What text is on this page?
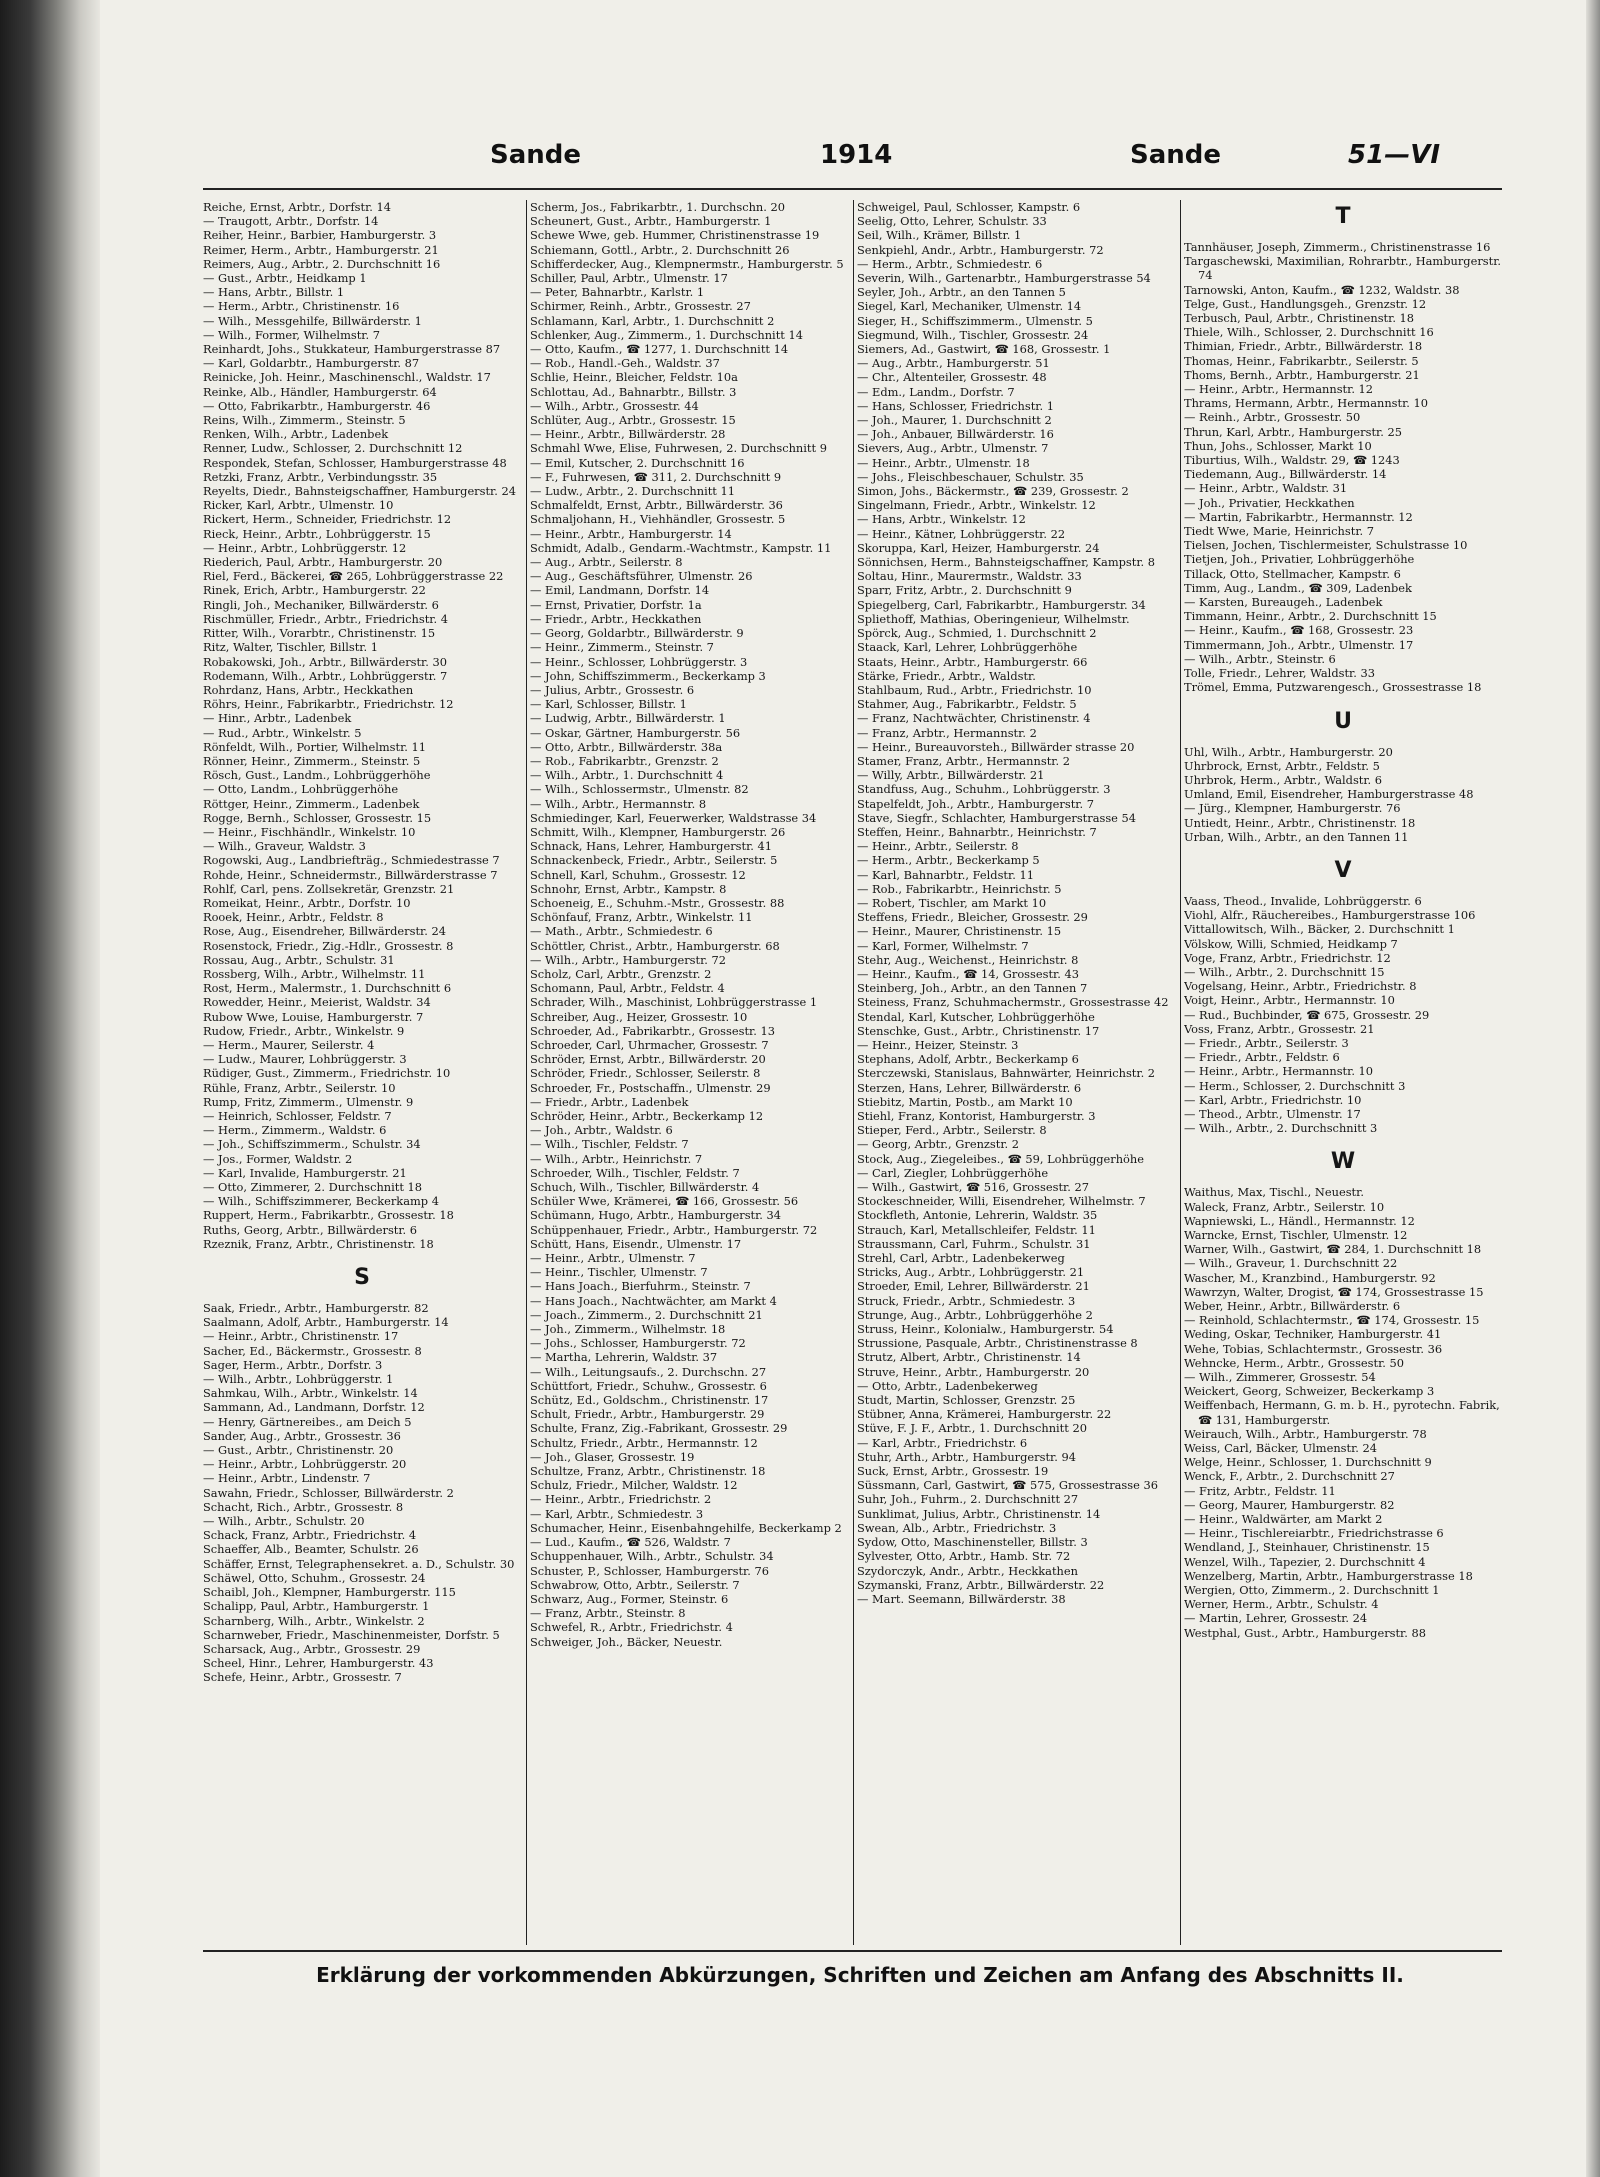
Sande	1914	Sande	51—VI
Reiche, Ernst, Arbtr., Dorfstr. 14
— Traugott, Arbtr., Dorfstr. 14
Reiher, Heinr., Barbier, Hamburgerstr. 3
Reimer, Herm., Arbtr., Hamburgerstr. 21
Reimers, Aug., Arbtr., 2. Durchschnitt 16
— Gust., Arbtr., Heidkamp 1
— Hans, Arbtr., Billstr. 1
— Herm., Arbtr., Christinenstr. 16
— Wilh., Messgehilfe, Billwärderstr. 1
— Wilh., Former, Wilhelmstr. 7
Reinhardt, Johs., Stukkateur, Hamburgerstrasse 87
— Karl, Goldarbtr., Hamburgerstr. 87
Reinicke, Joh. Heinr., Maschinenschl., Waldstr. 17
Reinke, Alb., Händler, Hamburgerstr. 64
— Otto, Fabrikarbtr., Hamburgerstr. 46
Reins, Wilh., Zimmerm., Steinstr. 5
Renken, Wilh., Arbtr., Ladenbek
Renner, Ludw., Schlosser, 2. Durchschnitt 12
Respondek, Stefan, Schlosser, Hamburgerstrasse 48
Retzki, Franz, Arbtr., Verbindungsstr. 35
Reyelts, Diedr., Bahnsteigschaffner, Hamburgerstr. 24
Ricker, Karl, Arbtr., Ulmenstr. 10
Rickert, Herm., Schneider, Friedrichstr. 12
Rieck, Heinr., Arbtr., Lohbrüggerstr. 15
— Heinr., Arbtr., Lohbrüggerstr. 12
Riederich, Paul, Arbtr., Hamburgerstr. 20
Riel, Ferd., Bäckerei, ☎ 265, Lohbrüggerstrasse 22
Rinek, Erich, Arbtr., Hamburgerstr. 22
Ringli, Joh., Mechaniker, Billwärderstr. 6
Rischmüller, Friedr., Arbtr., Friedrichstr. 4
Ritter, Wilh., Vorarbtr., Christinenstr. 15
Ritz, Walter, Tischler, Billstr. 1
Robakowski, Joh., Arbtr., Billwärderstr. 30
Rodemann, Wilh., Arbtr., Lohbrüggerstr. 7
Rohrdanz, Hans, Arbtr., Heckkathen
Röhrs, Heinr., Fabrikarbtr., Friedrichstr. 12
— Hinr., Arbtr., Ladenbek
— Rud., Arbtr., Winkelstr. 5
Rönfeldt, Wilh., Portier, Wilhelmstr. 11
Rönner, Heinr., Zimmerm., Steinstr. 5
Rösch, Gust., Landm., Lohbrüggerhöhe
— Otto, Landm., Lohbrüggerhöhe
Röttger, Heinr., Zimmerm., Ladenbek
Rogge, Bernh., Schlosser, Grossestr. 15
— Heinr., Fischhändlr., Winkelstr. 10
— Wilh., Graveur, Waldstr. 3
Rogowski, Aug., Landbriefträg., Schmiedestrasse 7
Rohde, Heinr., Schneidermstr., Billwärderstrasse 7
Rohlf, Carl, pens. Zollsekretär, Grenzstr. 21
Romeikat, Heinr., Arbtr., Dorfstr. 10
Rooek, Heinr., Arbtr., Feldstr. 8
Rose, Aug., Eisendreher, Billwärderstr. 24
Rosenstock, Friedr., Zig.-Hdlr., Grossestr. 8
Rossau, Aug., Arbtr., Schulstr. 31
Rossberg, Wilh., Arbtr., Wilhelmstr. 11
Rost, Herm., Malermstr., 1. Durchschnitt 6
Rowedder, Heinr., Meierist, Waldstr. 34
Rubow Wwe, Louise, Hamburgerstr. 7
Rudow, Friedr., Arbtr., Winkelstr. 9
— Herm., Maurer, Seilerstr. 4
— Ludw., Maurer, Lohbrüggerstr. 3
Rüdiger, Gust., Zimmerm., Friedrichstr. 10
Rühle, Franz, Arbtr., Seilerstr. 10
Rump, Fritz, Zimmerm., Ulmenstr. 9
— Heinrich, Schlosser, Feldstr. 7
— Herm., Zimmerm., Waldstr. 6
— Joh., Schiffszimmerm., Schulstr. 34
— Jos., Former, Waldstr. 2
— Karl, Invalide, Hamburgerstr. 21
— Otto, Zimmerer, 2. Durchschnitt 18
— Wilh., Schiffszimmerer, Beckerkamp 4
Ruppert, Herm., Fabrikarbtr., Grossestr. 18
Ruths, Georg, Arbtr., Billwärderstr. 6
Rzeznik, Franz, Arbtr., Christinenstr. 18
S
Saak, Friedr., Arbtr., Hamburgerstr. 82
Saalmann, Adolf, Arbtr., Hamburgerstr. 14
— Heinr., Arbtr., Christinenstr. 17
Sacher, Ed., Bäckermstr., Grossestr. 8
Sager, Herm., Arbtr., Dorfstr. 3
— Wilh., Arbtr., Lohbrüggerstr. 1
Sahmkau, Wilh., Arbtr., Winkelstr. 14
Sammann, Ad., Landmann, Dorfstr. 12
— Henry, Gärtnereibes., am Deich 5
Sander, Aug., Arbtr., Grossestr. 36
— Gust., Arbtr., Christinenstr. 20
— Heinr., Arbtr., Lohbrüggerstr. 20
— Heinr., Arbtr., Lindenstr. 7
Sawahn, Friedr., Schlosser, Billwärderstr. 2
Schacht, Rich., Arbtr., Grossestr. 8
— Wilh., Arbtr., Schulstr. 20
Schack, Franz, Arbtr., Friedrichstr. 4
Schaeffer, Alb., Beamter, Schulstr. 26
Schäffer, Ernst, Telegraphensekret. a. D., Schulstr. 30
Schäwel, Otto, Schuhm., Grossestr. 24
Schaibl, Joh., Klempner, Hamburgerstr. 115
Schalipp, Paul, Arbtr., Hamburgerstr. 1
Scharnberg, Wilh., Arbtr., Winkelstr. 2
Scharnweber, Friedr., Maschinenmeister, Dorfstr. 5
Scharsack, Aug., Arbtr., Grossestr. 29
Scheel, Hinr., Lehrer, Hamburgerstr. 43
Schefe, Heinr., Arbtr., Grossestr. 7
Scherm, Jos., Fabrikarbtr., 1. Durchschn. 20
Scheunert, Gust., Arbtr., Hamburgerstr. 1
Schewe Wwe, geb. Hummer, Christinenstrasse 19
Schiemann, Gottl., Arbtr., 2. Durchschnitt 26
Schifferdecker, Aug., Klempnermstr., Hamburgerstr. 5
Schiller, Paul, Arbtr., Ulmenstr. 17
— Peter, Bahnarbtr., Karlstr. 1
Schirmer, Reinh., Arbtr., Grossestr. 27
Schlamann, Karl, Arbtr., 1. Durchschnitt 2
Schlenker, Aug., Zimmerm., 1. Durchschnitt 14
— Otto, Kaufm., ☎ 1277, 1. Durchschnitt 14
— Rob., Handl.-Geh., Waldstr. 37
Schlie, Heinr., Bleicher, Feldstr. 10a
Schlottau, Ad., Bahnarbtr., Billstr. 3
— Wilh., Arbtr., Grossestr. 44
Schlüter, Aug., Arbtr., Grossestr. 15
— Heinr., Arbtr., Billwärderstr. 28
Schmahl Wwe, Elise, Fuhrwesen, 2. Durchschnitt 9
— Emil, Kutscher, 2. Durchschnitt 16
— F., Fuhrwesen, ☎ 311, 2. Durchschnitt 9
— Ludw., Arbtr., 2. Durchschnitt 11
Schmalfeldt, Ernst, Arbtr., Billwärderstr. 36
Schmaljohann, H., Viehhändler, Grossestr. 5
— Heinr., Arbtr., Hamburgerstr. 14
Schmidt, Adalb., Gendarm.-Wachtmstr., Kampstr. 11
— Aug., Arbtr., Seilerstr. 8
— Aug., Geschäftsführer, Ulmenstr. 26
— Emil, Landmann, Dorfstr. 14
— Ernst, Privatier, Dorfstr. 1a
— Friedr., Arbtr., Heckkathen
— Georg, Goldarbtr., Billwärderstr. 9
— Heinr., Zimmerm., Steinstr. 7
— Heinr., Schlosser, Lohbrüggerstr. 3
— John, Schiffszimmerm., Beckerkamp 3
— Julius, Arbtr., Grossestr. 6
— Karl, Schlosser, Billstr. 1
— Ludwig, Arbtr., Billwärderstr. 1
— Oskar, Gärtner, Hamburgerstr. 56
— Otto, Arbtr., Billwärderstr. 38a
— Rob., Fabrikarbtr., Grenzstr. 2
— Wilh., Arbtr., 1. Durchschnitt 4
— Wilh., Schlossermstr., Ulmenstr. 82
— Wilh., Arbtr., Hermannstr. 8
Schmiedinger, Karl, Feuerwerker, Waldstrasse 34
Schmitt, Wilh., Klempner, Hamburgerstr. 26
Schnack, Hans, Lehrer, Hamburgerstr. 41
Schnackenbeck, Friedr., Arbtr., Seilerstr. 5
Schnell, Karl, Schuhm., Grossestr. 12
Schnohr, Ernst, Arbtr., Kampstr. 8
Schoeneig, E., Schuhm.-Mstr., Grossestr. 88
Schönfauf, Franz, Arbtr., Winkelstr. 11
— Math., Arbtr., Schmiedestr. 6
Schöttler, Christ., Arbtr., Hamburgerstr. 68
— Wilh., Arbtr., Hamburgerstr. 72
Scholz, Carl, Arbtr., Grenzstr. 2
Schomann, Paul, Arbtr., Feldstr. 4
Schrader, Wilh., Maschinist, Lohbrüggerstrasse 1
Schreiber, Aug., Heizer, Grossestr. 10
Schroeder, Ad., Fabrikarbtr., Grossestr. 13
Schroeder, Carl, Uhrmacher, Grossestr. 7
Schröder, Ernst, Arbtr., Billwärderstr. 20
Schröder, Friedr., Schlosser, Seilerstr. 8
Schroeder, Fr., Postschaffn., Ulmenstr. 29
— Friedr., Arbtr., Ladenbek
Schröder, Heinr., Arbtr., Beckerkamp 12
— Joh., Arbtr., Waldstr. 6
— Wilh., Tischler, Feldstr. 7
— Wilh., Arbtr., Heinrichstr. 7
Schroeder, Wilh., Tischler, Feldstr. 7
Schuch, Wilh., Tischler, Billwärderstr. 4
Schüler Wwe, Krämerei, ☎ 166, Grossestr. 56
Schümann, Hugo, Arbtr., Hamburgerstr. 34
Schüppenhauer, Friedr., Arbtr., Hamburgerstr. 72
Schütt, Hans, Eisendr., Ulmenstr. 17
— Heinr., Arbtr., Ulmenstr. 7
— Heinr., Tischler, Ulmenstr. 7
— Hans Joach., Bierfuhrm., Steinstr. 7
— Hans Joach., Nachtwächter, am Markt 4
— Joach., Zimmerm., 2. Durchschnitt 21
— Joh., Zimmerm., Wilhelmstr. 18
— Johs., Schlosser, Hamburgerstr. 72
— Martha, Lehrerin, Waldstr. 37
— Wilh., Leitungsaufs., 2. Durchschn. 27
Schüttfort, Friedr., Schuhw., Grossestr. 6
Schütz, Ed., Goldschm., Christinenstr. 17
Schult, Friedr., Arbtr., Hamburgerstr. 29
Schulte, Franz, Zig.-Fabrikant, Grossestr. 29
Schultz, Friedr., Arbtr., Hermannstr. 12
— Joh., Glaser, Grossestr. 19
Schultze, Franz, Arbtr., Christinenstr. 18
Schulz, Friedr., Milcher, Waldstr. 12
— Heinr., Arbtr., Friedrichstr. 2
— Karl, Arbtr., Schmiedestr. 3
Schumacher, Heinr., Eisenbahngehilfe, Beckerkamp 2
— Lud., Kaufm., ☎ 526, Waldstr. 7
Schuppenhauer, Wilh., Arbtr., Schulstr. 34
Schuster, P., Schlosser, Hamburgerstr. 76
Schwabrow, Otto, Arbtr., Seilerstr. 7
Schwarz, Aug., Former, Steinstr. 6
— Franz, Arbtr., Steinstr. 8
Schwefel, R., Arbtr., Friedrichstr. 4
Schweiger, Joh., Bäcker, Neuestr.
Schweigel, Paul, Schlosser, Kampstr. 6
Seelig, Otto, Lehrer, Schulstr. 33
Seil, Wilh., Krämer, Billstr. 1
Senkpiehl, Andr., Arbtr., Hamburgerstr. 72
— Herm., Arbtr., Schmiedestr. 6
Severin, Wilh., Gartenarbtr., Hamburgerstrasse 54
Seyler, Joh., Arbtr., an den Tannen 5
Siegel, Karl, Mechaniker, Ulmenstr. 14
Sieger, H., Schiffszimmerm., Ulmenstr. 5
Siegmund, Wilh., Tischler, Grossestr. 24
Siemers, Ad., Gastwirt, ☎ 168, Grossestr. 1
— Aug., Arbtr., Hamburgerstr. 51
— Chr., Altenteiler, Grossestr. 48
— Edm., Landm., Dorfstr. 7
— Hans, Schlosser, Friedrichstr. 1
— Joh., Maurer, 1. Durchschnitt 2
— Joh., Anbauer, Billwärderstr. 16
Sievers, Aug., Arbtr., Ulmenstr. 7
— Heinr., Arbtr., Ulmenstr. 18
— Johs., Fleischbeschauer, Schulstr. 35
Simon, Johs., Bäckermstr., ☎ 239, Grossestr. 2
Singelmann, Friedr., Arbtr., Winkelstr. 12
— Hans, Arbtr., Winkelstr. 12
— Heinr., Kätner, Lohbrüggerstr. 22
Skoruppa, Karl, Heizer, Hamburgerstr. 24
Sönnichsen, Herm., Bahnsteigschaffner, Kampstr. 8
Soltau, Hinr., Maurermstr., Waldstr. 33
Sparr, Fritz, Arbtr., 2. Durchschnitt 9
Spiegelberg, Carl, Fabrikarbtr., Hamburgerstr. 34
Spliethoff, Mathias, Oberingenieur, Wilhelmstr.
Spörck, Aug., Schmied, 1. Durchschnitt 2
Staack, Karl, Lehrer, Lohbrüggerhöhe
Staats, Heinr., Arbtr., Hamburgerstr. 66
Stärke, Friedr., Arbtr., Waldstr.
Stahlbaum, Rud., Arbtr., Friedrichstr. 10
Stahmer, Aug., Fabrikarbtr., Feldstr. 5
— Franz, Nachtwächter, Christinenstr. 4
— Franz, Arbtr., Hermannstr. 2
— Heinr., Bureauvorsteh., Billwärder strasse 20
Stamer, Franz, Arbtr., Hermannstr. 2
— Willy, Arbtr., Billwärderstr. 21
Standfuss, Aug., Schuhm., Lohbrüggerstr. 3
Stapelfeldt, Joh., Arbtr., Hamburgerstr. 7
Stave, Siegfr., Schlachter, Hamburgerstrasse 54
Steffen, Heinr., Bahnarbtr., Heinrichstr. 7
— Heinr., Arbtr., Seilerstr. 8
— Herm., Arbtr., Beckerkamp 5
— Karl, Bahnarbtr., Feldstr. 11
— Rob., Fabrikarbtr., Heinrichstr. 5
— Robert, Tischler, am Markt 10
Steffens, Friedr., Bleicher, Grossestr. 29
— Heinr., Maurer, Christinenstr. 15
— Karl, Former, Wilhelmstr. 7
Stehr, Aug., Weichenst., Heinrichstr. 8
— Heinr., Kaufm., ☎ 14, Grossestr. 43
Steinberg, Joh., Arbtr., an den Tannen 7
Steiness, Franz, Schuhmachermstr., Grossestrasse 42
Stendal, Karl, Kutscher, Lohbrüggerhöhe
Stenschke, Gust., Arbtr., Christinenstr. 17
— Heinr., Heizer, Steinstr. 3
Stephans, Adolf, Arbtr., Beckerkamp 6
Sterczewski, Stanislaus, Bahnwärter, Heinrichstr. 2
Sterzen, Hans, Lehrer, Billwärderstr. 6
Stiebitz, Martin, Postb., am Markt 10
Stiehl, Franz, Kontorist, Hamburgerstr. 3
Stieper, Ferd., Arbtr., Seilerstr. 8
— Georg, Arbtr., Grenzstr. 2
Stock, Aug., Ziegeleibes., ☎ 59, Lohbrüggerhöhe
— Carl, Ziegler, Lohbrüggerhöhe
— Wilh., Gastwirt, ☎ 516, Grossestr. 27
Stockeschneider, Willi, Eisendreher, Wilhelmstr. 7
Stockfleth, Antonie, Lehrerin, Waldstr. 35
Strauch, Karl, Metallschleifer, Feldstr. 11
Straussmann, Carl, Fuhrm., Schulstr. 31
Strehl, Carl, Arbtr., Ladenbekerweg
Stricks, Aug., Arbtr., Lohbrüggerstr. 21
Stroeder, Emil, Lehrer, Billwärderstr. 21
Struck, Friedr., Arbtr., Schmiedestr. 3
Strunge, Aug., Arbtr., Lohbrüggerhöhe 2
Struss, Heinr., Kolonialw., Hamburgerstr. 54
Strussione, Pasquale, Arbtr., Christinenstrasse 8
Strutz, Albert, Arbtr., Christinenstr. 14
Struve, Heinr., Arbtr., Hamburgerstr. 20
— Otto, Arbtr., Ladenbekerweg
Studt, Martin, Schlosser, Grenzstr. 25
Stübner, Anna, Krämerei, Hamburgerstr. 22
Stüve, F. J. F., Arbtr., 1. Durchschnitt 20
— Karl, Arbtr., Friedrichstr. 6
Stuhr, Arth., Arbtr., Hamburgerstr. 94
Suck, Ernst, Arbtr., Grossestr. 19
Süssmann, Carl, Gastwirt, ☎ 575, Grossestrasse 36
Suhr, Joh., Fuhrm., 2. Durchschnitt 27
Sunklimat, Julius, Arbtr., Christinenstr. 14
Swean, Alb., Arbtr., Friedrichstr. 3
Sydow, Otto, Maschinensteller, Billstr. 3
Sylvester, Otto, Arbtr., Hamb. Str. 72
Szydorczyk, Andr., Arbtr., Heckkathen
Szymanski, Franz, Arbtr., Billwärderstr. 22
— Mart. Seemann, Billwärderstr. 38
T
Tannhäuser, Joseph, Zimmerm., Christinenstrasse 16
Targaschewski, Maximilian, Rohrarbtr., Hamburgerstr. 74
Tarnowski, Anton, Kaufm., ☎ 1232, Waldstr. 38
Telge, Gust., Handlungsgeh., Grenzstr. 12
Terbusch, Paul, Arbtr., Christinenstr. 18
Thiele, Wilh., Schlosser, 2. Durchschnitt 16
Thimian, Friedr., Arbtr., Billwärderstr. 18
Thomas, Heinr., Fabrikarbtr., Seilerstr. 5
Thoms, Bernh., Arbtr., Hamburgerstr. 21
— Heinr., Arbtr., Hermannstr. 12
Thrams, Hermann, Arbtr., Hermannstr. 10
— Reinh., Arbtr., Grossestr. 50
Thrun, Karl, Arbtr., Hamburgerstr. 25
Thun, Johs., Schlosser, Markt 10
Tiburtius, Wilh., Waldstr. 29, ☎ 1243
Tiedemann, Aug., Billwärderstr. 14
— Heinr., Arbtr., Waldstr. 31
— Joh., Privatier, Heckkathen
— Martin, Fabrikarbtr., Hermannstr. 12
Tiedt Wwe, Marie, Heinrichstr. 7
Tielsen, Jochen, Tischlermeister, Schulstrasse 10
Tietjen, Joh., Privatier, Lohbrüggerhöhe
Tillack, Otto, Stellmacher, Kampstr. 6
Timm, Aug., Landm., ☎ 309, Ladenbek
— Karsten, Bureaugeh., Ladenbek
Timmann, Heinr., Arbtr., 2. Durchschnitt 15
— Heinr., Kaufm., ☎ 168, Grossestr. 23
Timmermann, Joh., Arbtr., Ulmenstr. 17
— Wilh., Arbtr., Steinstr. 6
Tolle, Friedr., Lehrer, Waldstr. 33
Trömel, Emma, Putzwarengesch., Grossestrasse 18
U
Uhl, Wilh., Arbtr., Hamburgerstr. 20
Uhrbrock, Ernst, Arbtr., Feldstr. 5
Uhrbrok, Herm., Arbtr., Waldstr. 6
Umland, Emil, Eisendreher, Hamburgerstrasse 48
— Jürg., Klempner, Hamburgerstr. 76
Untiedt, Heinr., Arbtr., Christinenstr. 18
Urban, Wilh., Arbtr., an den Tannen 11
V
Vaass, Theod., Invalide, Lohbrüggerstr. 6
Viohl, Alfr., Räuchereibes., Hamburgerstrasse 106
Vittallowitsch, Wilh., Bäcker, 2. Durchschnitt 1
Völskow, Willi, Schmied, Heidkamp 7
Voge, Franz, Arbtr., Friedrichstr. 12
— Wilh., Arbtr., 2. Durchschnitt 15
Vogelsang, Heinr., Arbtr., Friedrichstr. 8
Voigt, Heinr., Arbtr., Hermannstr. 10
— Rud., Buchbinder, ☎ 675, Grossestr. 29
Voss, Franz, Arbtr., Grossestr. 21
— Friedr., Arbtr., Seilerstr. 3
— Friedr., Arbtr., Feldstr. 6
— Heinr., Arbtr., Hermannstr. 10
— Herm., Schlosser, 2. Durchschnitt 3
— Karl, Arbtr., Friedrichstr. 10
— Theod., Arbtr., Ulmenstr. 17
— Wilh., Arbtr., 2. Durchschnitt 3
W
Waithus, Max, Tischl., Neuestr.
Waleck, Franz, Arbtr., Seilerstr. 10
Wapniewski, L., Händl., Hermannstr. 12
Warncke, Ernst, Tischler, Ulmenstr. 12
Warner, Wilh., Gastwirt, ☎ 284, 1. Durchschnitt 18
— Wilh., Graveur, 1. Durchschnitt 22
Wascher, M., Kranzbind., Hamburgerstr. 92
Wawrzyn, Walter, Drogist, ☎ 174, Grossestrasse 15
Weber, Heinr., Arbtr., Billwärderstr. 6
— Reinhold, Schlachtermstr., ☎ 174, Grossestr. 15
Weding, Oskar, Techniker, Hamburgerstr. 41
Wehe, Tobias, Schlachtermstr., Grossestr. 36
Wehncke, Herm., Arbtr., Grossestr. 50
— Wilh., Zimmerer, Grossestr. 54
Weickert, Georg, Schweizer, Beckerkamp 3
Weiffenbach, Hermann, G. m. b. H., pyrotechn. Fabrik, ☎ 131, Hamburgerstr.
Weirauch, Wilh., Arbtr., Hamburgerstr. 78
Weiss, Carl, Bäcker, Ulmenstr. 24
Welge, Heinr., Schlosser, 1. Durchschnitt 9
Wenck, F., Arbtr., 2. Durchschnitt 27
— Fritz, Arbtr., Feldstr. 11
— Georg, Maurer, Hamburgerstr. 82
— Heinr., Waldwärter, am Markt 2
— Heinr., Tischlereiarbtr., Friedrichstrasse 6
Wendland, J., Steinhauer, Christinenstr. 15
Wenzel, Wilh., Tapezier, 2. Durchschnitt 4
Wenzelberg, Martin, Arbtr., Hamburgerstrasse 18
Wergien, Otto, Zimmerm., 2. Durchschnitt 1
Werner, Herm., Arbtr., Schulstr. 4
— Martin, Lehrer, Grossestr. 24
Westphal, Gust., Arbtr., Hamburgerstr. 88
Erklärung der vorkommenden Abkürzungen, Schriften und Zeichen am Anfang des Abschnitts II.
